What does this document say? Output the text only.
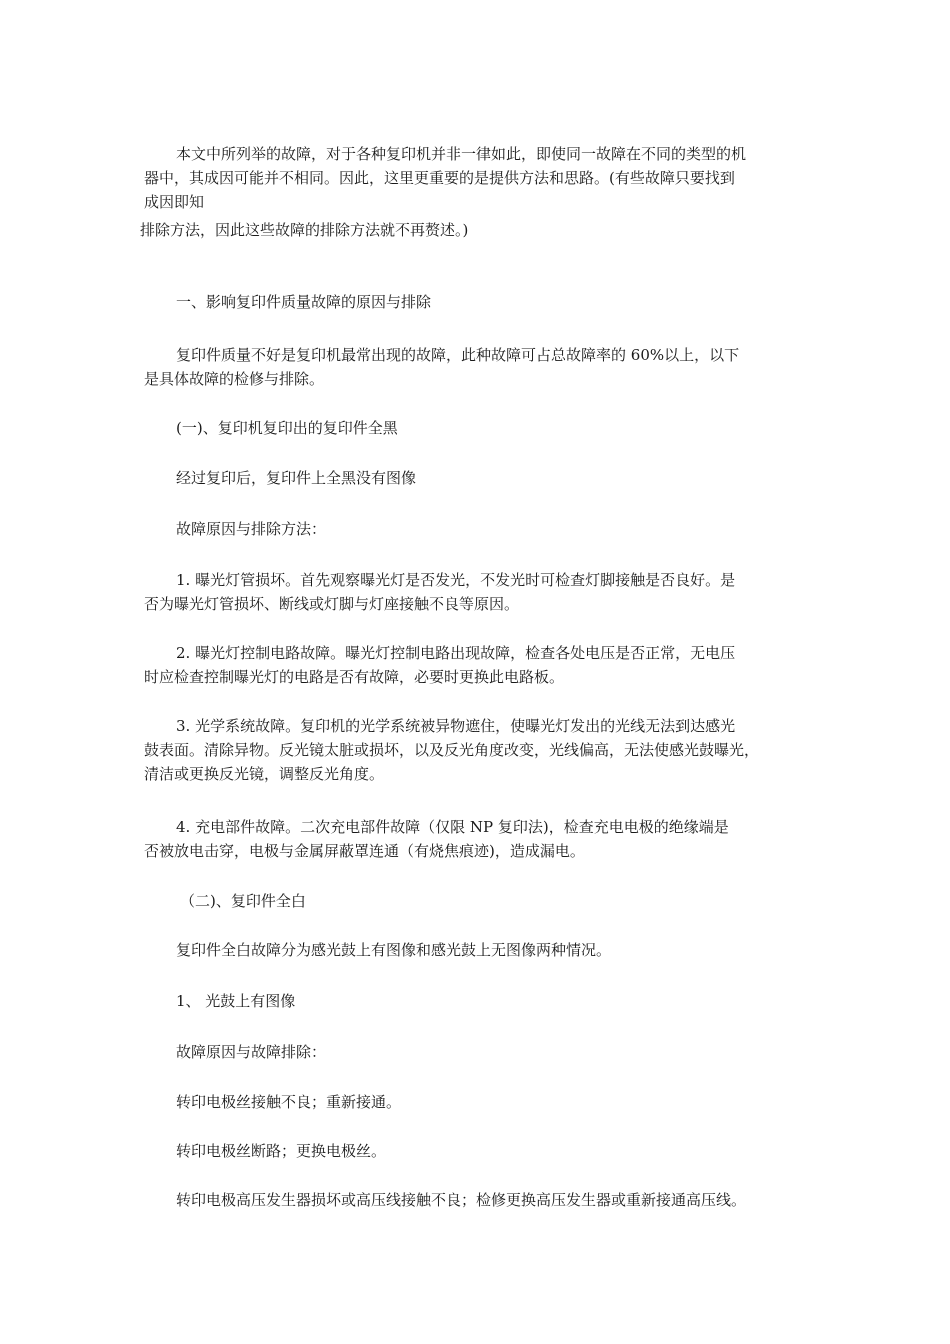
本文中所列举的故障，对于各种复印机并非一律如此，即使同一故障在不同的类型的机
器中，其成因可能并不相同。因此，这里更重要的是提供方法和思路。(有些故障只要找到
成因即知
排除方法，因此这些故障的排除方法就不再赘述。)
一、影响复印件质量故障的原因与排除
复印件质量不好是复印机最常出现的故障，此种故障可占总故障率的 60%以上，以下
是具体故障的检修与排除。
(一)、复印机复印出的复印件全黑
经过复印后，复印件上全黑没有图像
故障原因与排除方法：
1. 曝光灯管损坏。首先观察曝光灯是否发光，不发光时可检查灯脚接触是否良好。是
否为曝光灯管损坏、断线或灯脚与灯座接触不良等原因。
2. 曝光灯控制电路故障。曝光灯控制电路出现故障，检查各处电压是否正常，无电压
时应检查控制曝光灯的电路是否有故障，必要时更换此电路板。
3. 光学系统故障。复印机的光学系统被异物遮住，使曝光灯发出的光线无法到达感光
鼓表面。清除异物。反光镜太脏或损坏，以及反光角度改变，光线偏高，无法使感光鼓曝光，
清洁或更换反光镜，调整反光角度。
4. 充电部件故障。二次充电部件故障（仅限 NP 复印法)，检查充电电极的绝缘端是
否被放电击穿，电极与金属屏蔽罩连通（有烧焦痕迹)，造成漏电。
（二)、复印件全白
复印件全白故障分为感光鼓上有图像和感光鼓上无图像两种情况。
1、 光鼓上有图像
故障原因与故障排除：
转印电极丝接触不良；重新接通。
转印电极丝断路；更换电极丝。
转印电极高压发生器损坏或高压线接触不良；检修更换高压发生器或重新接通高压线。
